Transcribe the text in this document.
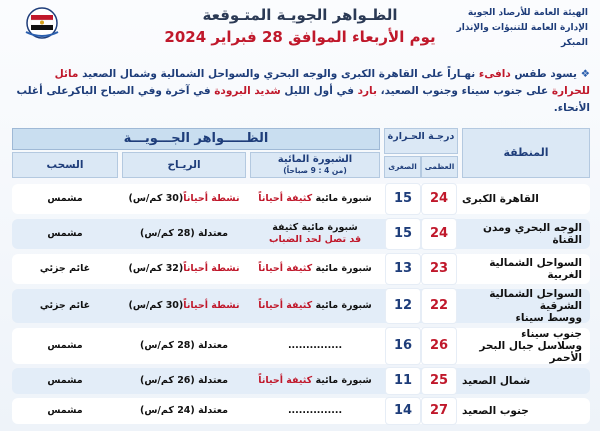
الظـواهر الجويـة المتـوقعة
يوم الأربعاء الموافق 28 فبراير 2024
الهيئة العامة للأرصاد الجوية
الإدارة العامة للتنبؤات والإنذار المبكر
❖ يسود طقس دافىء نهـاراً على القاهرة الكبرى والوجه البحري والسواحل الشمالية وشمال الصعيد مائل للحرارة على جنوب سيناء وجنوب الصعيد، بارد في أول الليل شديد البرودة في آخرة وفي الصباح الباكرعلى أغلب الأنحاء.
الظـــــواهر الجـــويـــة
المنطقة
درجـة الحـرارة
العظمى
الصغرى
الشبورة المائية
(من 4 : 9 صباحاً)
الريـاح
السحب
القاهرة الكبرى
24
15
شبورة مائية كثيفة أحياناً
نشطة أحياناً
(30 كم/س)
مشمس
الوجه البحري ومدن القناة
24
15
شبورة مائية كثيفة
قد تصل لحد الضباب
معتدلة (28 كم/س)
مشمس
السواحل الشمالية الغربية
23
13
شبورة مائية كثيفة أحياناً
نشطة أحياناً
(32 كم/س)
غائم جزئي
السواحل الشمالية الشرقية
ووسط سيناء
22
12
شبورة مائية كثيفة أحياناً
نشطة أحياناً
(30 كم/س)
غائم جزئي
جنوب سيناء
وسلاسل جبال البحر الأحمر
26
16
...............
معتدلة (28 كم/س)
مشمس
شمال الصعيد
25
11
شبورة مائية كثيفة أحياناً
معتدلة (26 كم/س)
مشمس
جنوب الصعيد
27
14
...............
معتدلة (24 كم/س)
مشمس
